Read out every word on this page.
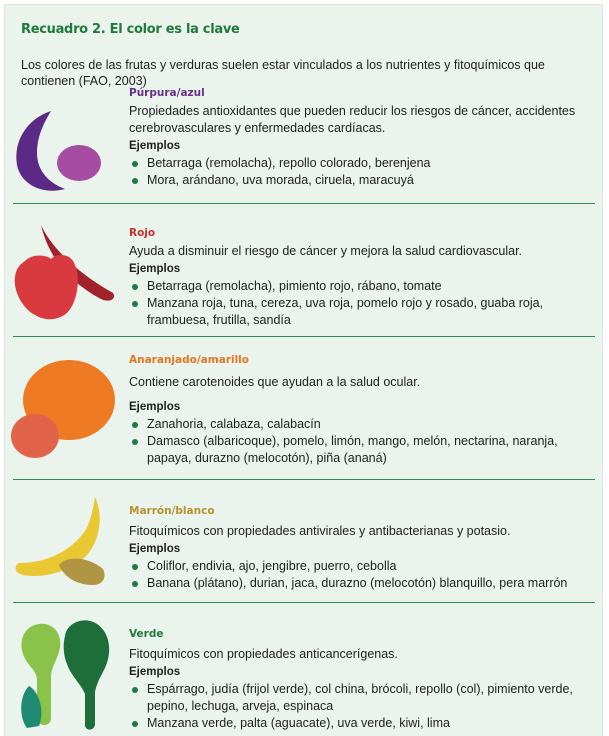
Recuadro 2. El color es la clave
Los colores de las frutas y verduras suelen estar vinculados a los nutrientes y fitoquímicos que contienen (FAO, 2003)
Púrpura/azul
Propiedades antioxidantes que pueden reducir los riesgos de cáncer, accidentes cerebrovasculares y enfermedades cardíacas.
Ejemplos
Betarraga (remolacha), repollo colorado, berenjena
Mora, arándano, uva morada, ciruela, maracuyá
Rojo
Ayuda a disminuir el riesgo de cáncer y mejora la salud cardiovascular.
Ejemplos
Betarraga (remolacha), pimiento rojo, rábano, tomate
Manzana roja, tuna, cereza, uva roja, pomelo rojo y rosado, guaba roja, frambuesa, frutilla, sandía
Anaranjado/amarillo
Contiene carotenoides que ayudan a la salud ocular.
Ejemplos
Zanahoria, calabaza, calabacín
Damasco (albaricoque), pomelo, limón, mango, melón, nectarina, naranja, papaya, durazno (melocotón), piña (ananá)
Marrón/blanco
Fitoquímicos con propiedades antivirales y antibacterianas y potasio.
Ejemplos
Coliflor, endivia, ajo, jengibre, puerro, cebolla
Banana (plátano), durian, jaca, durazno (melocotón) blanquillo, pera marrón
Verde
Fitoquímicos con propiedades anticancerígenas.
Ejemplos
Espárrago, judía (frijol verde), col china, brócoli, repollo (col), pimiento verde, pepino, lechuga, arveja, espinaca
Manzana verde, palta (aguacate), uva verde, kiwi, lima
